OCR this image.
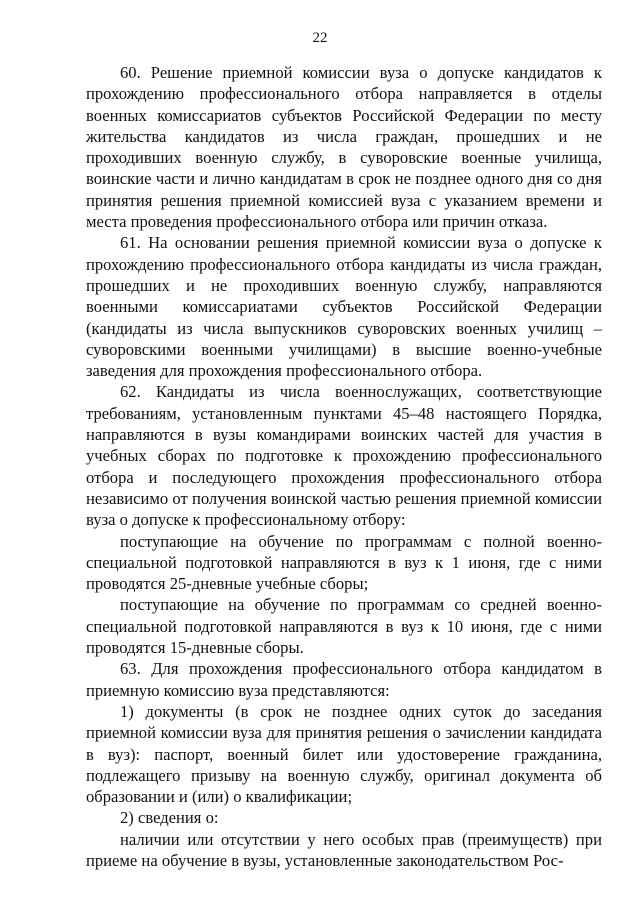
22

60. Решение приемной комиссии вуза о допуске кандидатов к прохождению профессионального отбора направляется в отделы военных комиссариатов субъектов Российской Федерации по месту жительства кандидатов из числа граждан, прошедших и не проходивших военную службу, в суворовские военные училища, воинские части и лично кандидатам в срок не позднее одного дня со дня принятия решения приемной комиссией вуза с указанием времени и места проведения профессионального отбора или причин отказа.

61. На основании решения приемной комиссии вуза о допуске к прохождению профессионального отбора кандидаты из числа граждан, прошедших и не проходивших военную службу, направляются военными комиссариатами субъектов Российской Федерации (кандидаты из числа выпускников суворовских военных училищ – суворовскими военными училищами) в высшие военно-учебные заведения для прохождения профессионального отбора.

62. Кандидаты из числа военнослужащих, соответствующие требованиям, установленным пунктами 45–48 настоящего Порядка, направляются в вузы командирами воинских частей для участия в учебных сборах по подготовке к прохождению профессионального отбора и последующего прохождения профессионального отбора независимо от получения воинской частью решения приемной комиссии вуза о допуске к профессиональному отбору:

поступающие на обучение по программам с полной военно-специальной подготовкой направляются в вуз к 1 июня, где с ними проводятся 25-дневные учебные сборы;

поступающие на обучение по программам со средней военно-специальной подготовкой направляются в вуз к 10 июня, где с ними проводятся 15-дневные сборы.

63. Для прохождения профессионального отбора кандидатом в приемную комиссию вуза представляются:

1) документы (в срок не позднее одних суток до заседания приемной комиссии вуза для принятия решения о зачислении кандидата в вуз): паспорт, военный билет или удостоверение гражданина, подлежащего призыву на военную службу, оригинал документа об образовании и (или) о квалификации;

2) сведения о:

наличии или отсутствии у него особых прав (преимуществ) при приеме на обучение в вузы, установленные законодательством Рос-
